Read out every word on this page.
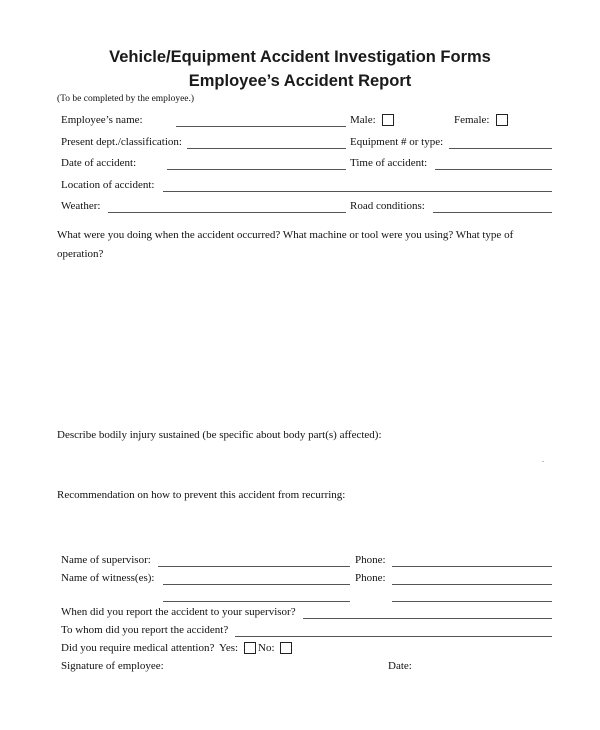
Vehicle/Equipment Accident Investigation Forms
Employee’s Accident Report
(To be completed by the employee.)
Employee’s name:	Male:	Female:
Present dept./classification:	Equipment # or type:
Date of accident:	Time of accident:
Location of accident:
Weather:	Road conditions:
What were you doing when the accident occurred? What machine or tool were you using? What type of
operation?
Describe bodily injury sustained (be specific about body part(s) affected):
Recommendation on how to prevent this accident from recurring:
Name of supervisor:	Phone:
Name of witness(es):	Phone:
When did you report the accident to your supervisor?
To whom did you report the accident?
Did you require medical attention? Yes: No:
Signature of employee:	Date:
